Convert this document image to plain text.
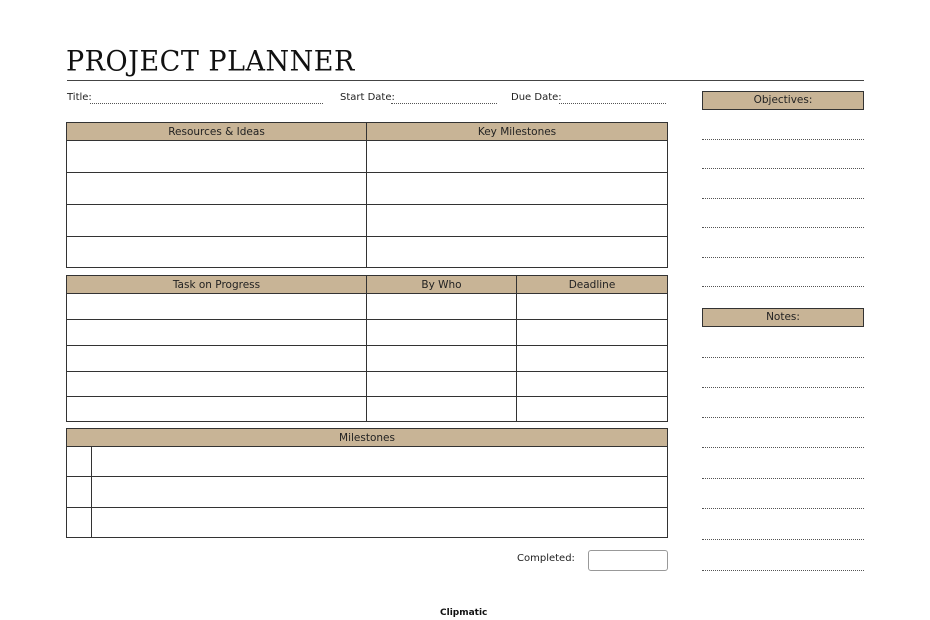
PROJECT PLANNER
Title:	Start Date:	Due Date:
Resources & Ideas	Key Milestones

Task on Progress	By Who	Deadline

Milestones	

Completed:
Objectives:
Notes:
Clipmatic
